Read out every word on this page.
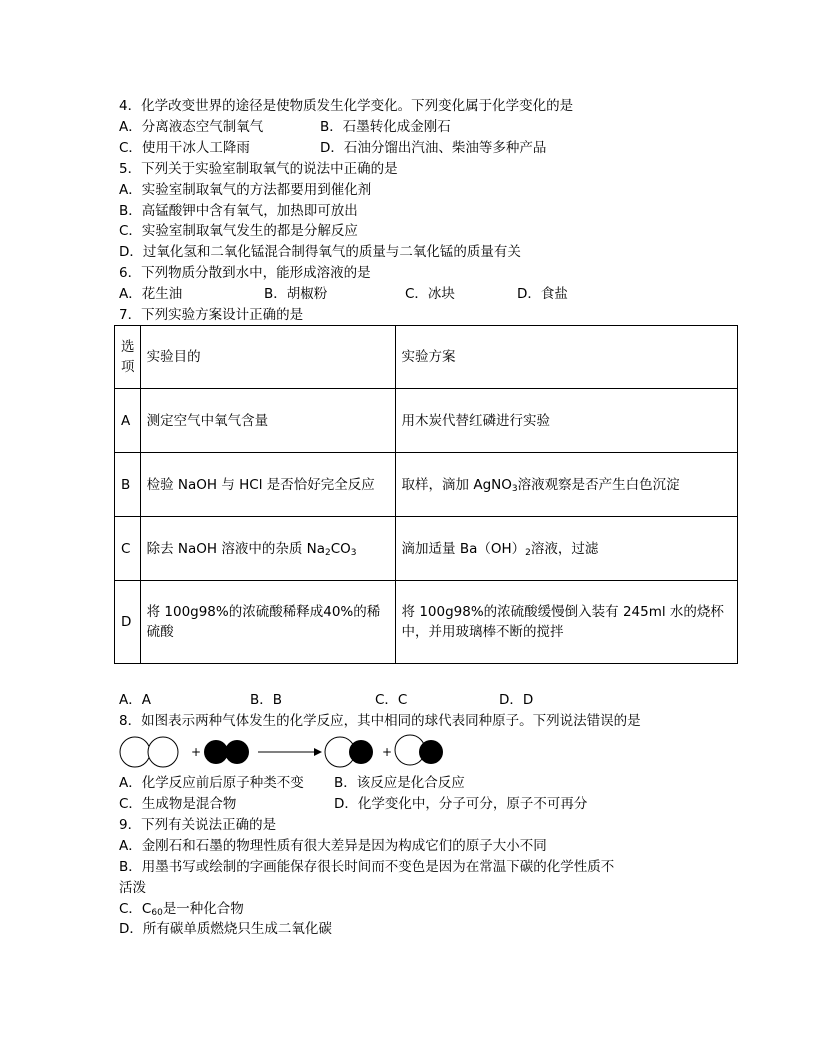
4．化学改变世界的途径是使物质发生化学变化。下列变化属于化学变化的是
A．分离液态空气制氧气	B．石墨转化成金刚石
C．使用干冰人工降雨	D．石油分馏出汽油、柴油等多种产品
5．下列关于实验室制取氧气的说法中正确的是
A．实验室制取氧气的方法都要用到催化剂
B．高锰酸钾中含有氧气，加热即可放出
C．实验室制取氧气发生的都是分解反应
D．过氧化氢和二氧化锰混合制得氧气的质量与二氧化锰的质量有关
6．下列物质分散到水中，能形成溶液的是
A．花生油	B．胡椒粉	C．冰块	D．食盐
7．下列实验方案设计正确的是
选项	实验目的	实验方案
A	测定空气中氧气含量	用木炭代替红磷进行实验
B	检验 NaOH 与 HCl 是否恰好完全反应	取样，滴加 AgNO$_3$溶液观察是否产生白色沉淀
C	除去 NaOH 溶液中的杂质 $Na_2CO_3$	滴加适量 $Ba(OH)_2$溶液，过滤
D	将 100g98%的浓硫酸稀释成40%的稀硫酸	将 100g98%的浓硫酸缓慢倒入装有 245ml 水的烧杯中，并用玻璃棒不断的搅拌
A．A	B．B	C．C	D．D
8．如图表示两种气体发生的化学反应，其中相同的球代表同种原子。下列说法错误的是
+	+
A．化学反应前后原子种类不变 B．该反应是化合反应
C．生成物是混合物	D．化学变化中，分子可分，原子不可再分
9．下列有关说法正确的是
A．金刚石和石墨的物理性质有很大差异是因为构成它们的原子大小不同
B．用墨书写或绘制的字画能保存很长时间而不变色是因为在常温下碳的化学性质不
活泼
C．$C_{60}$是一种化合物
D．所有碳单质燃烧只生成二氧化碳
